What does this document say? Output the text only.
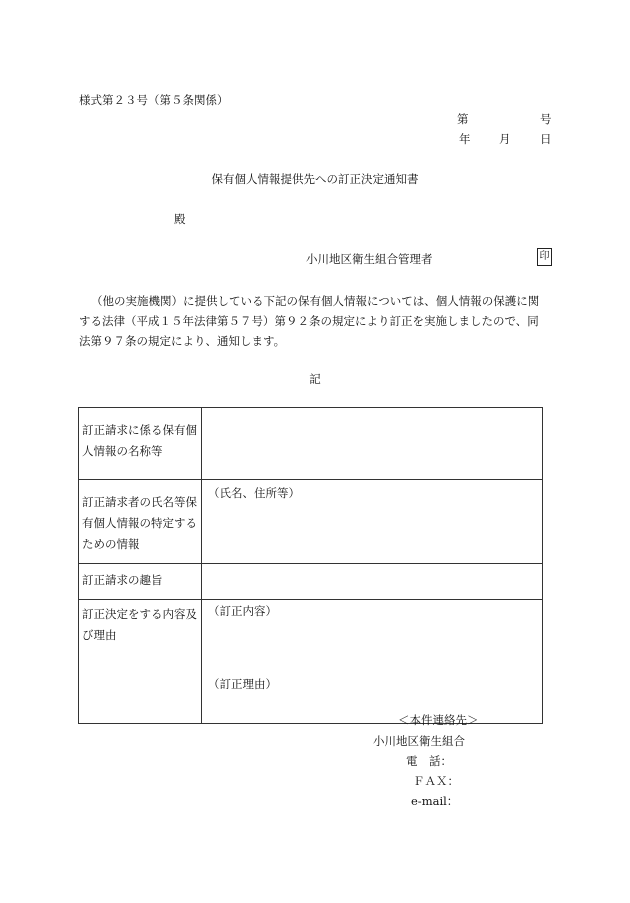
様式第２３号（第５条関係）
第	号
年 月	日
保有個人情報提供先への訂正決定通知書
殿
小川地区衛生組合管理者	印

（他の実施機関）に提供している下記の保有個人情報については、個人情報の保護に関

する法律（平成１５年法律第５７号）第９２条の規定により訂正を実施しましたので、同

法第９７条の規定により、通知します。

記
訂正請求に係る保有個人情報の名称等	
訂正請求者の氏名等保有個人情報の特定するための情報	（氏名、住所等）
訂正請求の趣旨	
訂正決定をする内容及び理由	（訂正内容）
（訂正理由）
＜本件連絡先＞
小川地区衛生組合
電　話：
ＦＡＸ：
e-mail：
